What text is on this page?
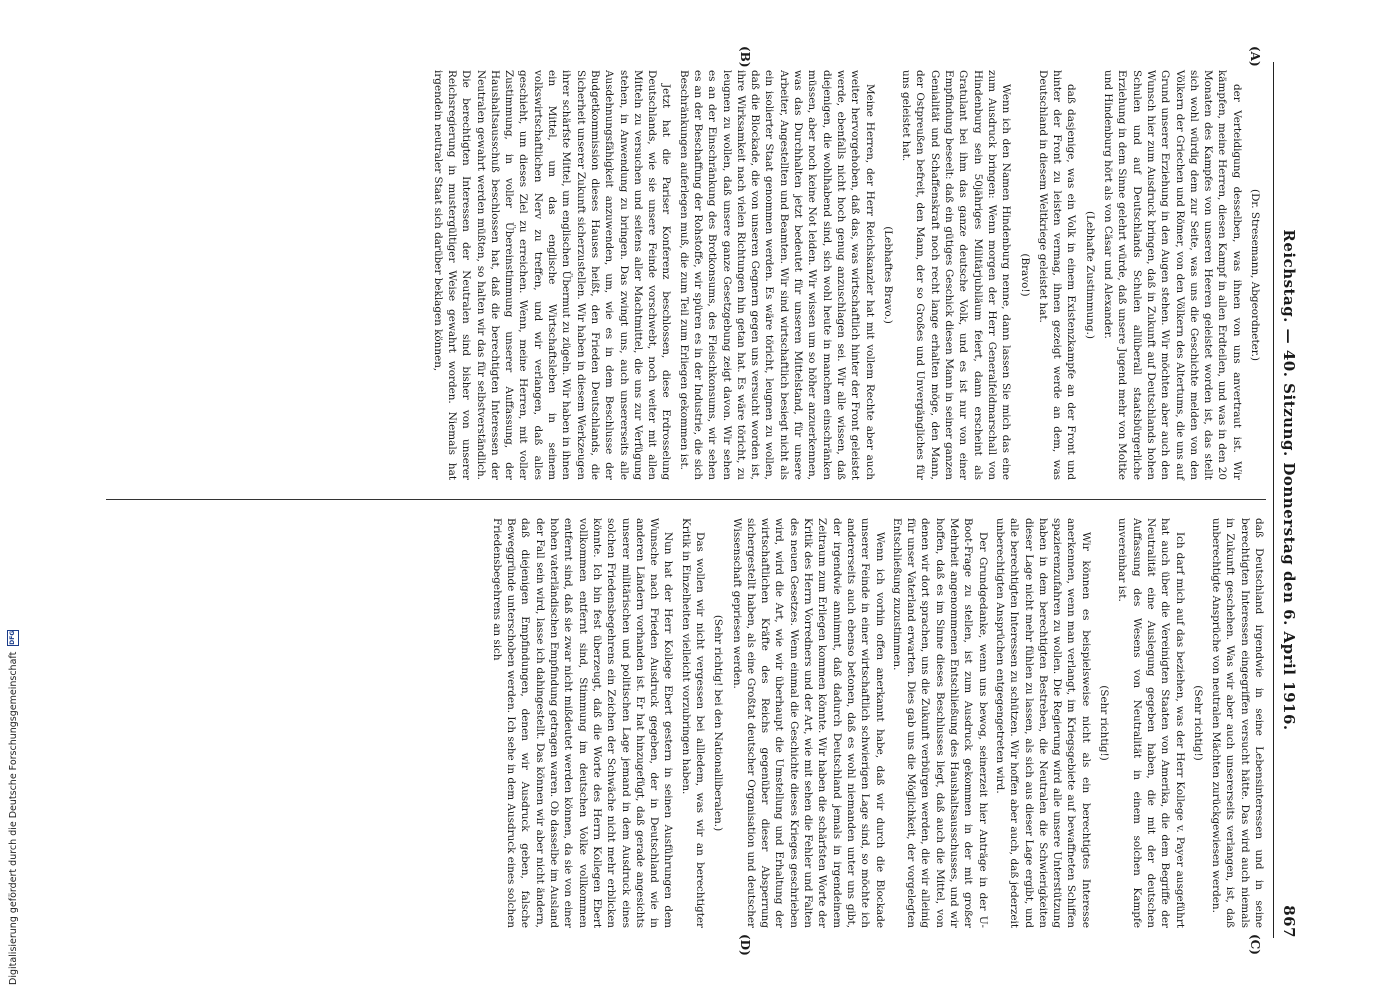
Reichstag. — 40. Sitzung. Donnerstag den 6. April 1916.
867
(A)
(B)
(C)
(D)

(Dr. Stresemann, Abgeordneter.)

der Verteidigung desselben, was ihnen von uns anvertraut ist. Wir kämpfen, meine Herren, diesen Kampf in allen Erdteilen, und was in den 20 Monaten des Kampfes von unseren Heeren geleistet worden ist, das stellt sich wohl würdig dem zur Seite, was uns die Geschichte melden von den Völkern der Griechen und Römer, von den Völkern des Altertums, die uns auf Grund unserer Erziehung in den Augen stehen. Wir möchten aber auch den Wunsch hier zum Ausdruck bringen, daß in Zukunft auf Deutschlands hohen Schulen und auf Deutschlands Schulen allüberall staatsbürgerliche Erziehung in dem Sinne gelehrt würde, daß unsere Jugend mehr von Moltke und Hindenburg hört als von Cäsar und Alexander.

(Lebhafte Zustimmung.)

daß dasjenige, was ein Volk in einem Existenzkampfe an der Front und hinter der Front zu leisten vermag, ihnen gezeigt werde an dem, was Deutschland in diesem Weltkriege geleistet hat.

(Bravo!)

Wenn ich den Namen Hindenburg nenne, dann lassen Sie mich das eine zum Ausdruck bringen: Wenn morgen der Herr Generalfeldmarschall von Hindenburg sein 50jähriges Militärjubiläum feiert, dann erscheint als Gratulant bei ihm das ganze deutsche Volk, und es ist nur von einer Empfindung beseelt: daß ein gütiges Geschick diesen Mann in seiner ganzen Genialität und Schaffenskraft noch recht lange erhalten möge, den Mann, der Ostpreußen befreit, den Mann, der so Großes und Unvergängliches für uns geleistet hat.

(Lebhaftes Bravo.)

Meine Herren, der Herr Reichskanzler hat mit vollem Rechte aber auch weiter hervorgehoben, daß das, was wirtschaftlich hinter der Front geleistet werde, ebenfalls nicht hoch genug anzuschlagen sei. Wir alle wissen, daß diejenigen, die wohlhabend sind, sich wohl heute in manchem einschränken müssen, aber noch keine Not leiden. Wir wissen um so höher anzuerkennen, was das Durchhalten jetzt bedeutet für unseren Mittelstand, für unsere Arbeiter, Angestellten und Beamten. Wir sind wirtschaftlich besiegt nicht als ein isolierter Staat genommen werden. Es wäre töricht, leugnen zu wollen, daß die Blockade, die von unseren Gegnern gegen uns versucht worden ist, ihre Wirksamkeit nach vielen Richtungen hin getan hat. Es wäre töricht, zu leugnen zu wollen, daß unsere ganze Gesetzgebung zeigt davon. Wir sehen es an der Einschränkung des Brotkonsums, des Fleischkonsums, wir sehen es an der Beschaffung der Rohstoffe, wir spüren es in der Industrie, die sich Beschränkungen auferlegen muß, die zum Teil zum Erliegen gekommen ist.

Jetzt hat die Pariser Konferenz beschlossen, diese Erdrosselung Deutschlands, wie sie unsere Feinde vorschwebt, noch weiter mit allen Mitteln zu versuchen und seitens aller Machtmittel, die uns zur Verfügung stehen, in Anwendung zu bringen. Das zwingt uns, auch unsererseits alle Ausdehnungsfähigkeit anzuwenden, um, wie es in dem Beschlusse der Budgetkommission dieses Hauses heißt, den Frieden Deutschlands, die Sicherheit unserer Zukunft sicherzustellen. Wir haben in diesem Werkzeugen ihrer schärfste Mittel, um englischen Übermut zu zügeln. Wir haben in ihnen ein Mittel, um das englische Wirtschaftsleben in seinem volkswirtschaftlichen Nerv zu treffen, und wir verlangen, daß alles geschieht, um dieses Ziel zu erreichen. Wenn, meine Herren, mit voller Zustimmung, in voller Übereinstimmung unserer Auffassung, der Haushaltsausschuß beschlossen hat, daß die berechtigten Interessen der Neutralen gewahrt werden müßten, so halten wir das für selbstverständlich. Die berechtigten Interessen der Neutralen sind bisher von unserer Reichsregierung in mustergültiger Weise gewahrt worden. Niemals hat irgendein neutraler Staat sich darüber beklagen können,

daß Deutschland irgendwie in seine Lebensinteressen und in seine berechtigten Interessen eingegriffen versucht hätte. Das wird auch niemals in Zukunft geschehen. Was wir aber auch unsererseits verlangen, ist, daß unberechtigte Ansprüche von neutralen Mächten zurückgewiesen werden.

(Sehr richtig!)

Ich darf mich auf das beziehen, was der Herr Kollege v. Payer ausgeführt hat auch über die Vereinigten Staaten von Amerika, die dem Begriffe der Neutralität eine Auslegung gegeben haben, die mit der deutschen Auffassung des Wesens von Neutralität in einem solchen Kampfe unvereinbar ist.

(Sehr richtig!)

Wir können es beispielsweise nicht als ein berechtigtes Interesse anerkennen, wenn man verlangt, im Kriegsgebiete auf bewaffneten Schiffen spazierenzufahren zu wollen. Die Regierung wird alle unsere Unterstützung haben in dem berechtigten Bestreben, die Neutralen die Schwierigkeiten dieser Lage nicht mehr fühlen zu lassen, als sich aus dieser Lage ergibt, und alle berechtigten Interessen zu schützen. Wir hoffen aber auch, daß jederzeit unberechtigten Ansprüchen entgegengetreten wird.

Der Grundgedanke, wenn uns bewog, seinerzeit hier Anträge in der U-Boot-Frage zu stellen, ist zum Ausdruck gekommen in der mit großer Mehrheit angenommenen Entschließung des Haushaltsausschusses, und wir hoffen, daß es im Sinne dieses Beschlusses liegt, daß auch die Mittel, von denen wir dort sprachen, uns die Zukunft verbürgen werden, die wir alleinig für unser Vaterland erwarten. Dies gab uns die Möglichkeit, der vorgelegten Entschließung zuzustimmen.

Wenn ich vorhin offen anerkannt habe, daß wir durch die Blockade unserer Feinde in einer wirtschaftlich schwierigen Lage sind, so möchte ich andererseits auch ebenso betonen, daß es wohl niemanden unter uns gibt, der irgendwie annimmt, daß dadurch Deutschland jemals in irgendeinem Zeitraum zum Erliegen kommen könnte. Wir haben die schärfsten Worte der Kritik des Herrn Vorredners und der Art, wie mit sehen die Fehler und Falten des neuen Gesetzes. Wenn einmal die Geschichte dieses Krieges geschrieben wird, wird die Art, wie wir überhaupt die Umstellung und Erhaltung der wirtschaftlichen Kräfte des Reichs gegenüber dieser Absperrung sichergestellt haben, als eine Großtat deutscher Organisation und deutscher Wissenschaft gepriesen werden.

(Sehr richtig! bei den Nationalliberalen.)

Das wollen wir nicht vergessen bei allledem, was wir an berechtigter Kritik in Einzelheiten vielleicht vorzubringen haben.

Nun hat der Herr Kollege Ebert gestern in seinen Ausführungen dem Wunsche nach Frieden Ausdruck gegeben, der in Deutschland wie in anderen Ländern vorhanden ist. Er hat hinzugefügt, daß gerade angesichts unserer militärischen und politischen Lage jemand in dem Ausdruck eines solchen Friedensbegehrens ein Zeichen der Schwäche nicht mehr erblicken könnte. Ich bin fest überzeugt, daß die Worte des Herrn Kollegen Ebert vollkommen entfernt sind, Stimmung im deutschen Volke vollkommen entfernt sind, daß sie zwar nicht mißdeutet werden können, da sie von einer hohen vaterländischen Empfindung getragen waren. Ob dasselbe im Ausland der Fall sein wird, lasse ich dahingestellt. Das können wir aber nicht ändern, daß diejenigen Empfindungen, denen wir Ausdruck geben, falsche Beweggründe unterschoben werden. Ich sehe in dem Ausdruck eines solchen Friedensbegehrens an sich

Digitalisierung gefördert durch die Deutsche Forschungsgemeinschaft
DFG
